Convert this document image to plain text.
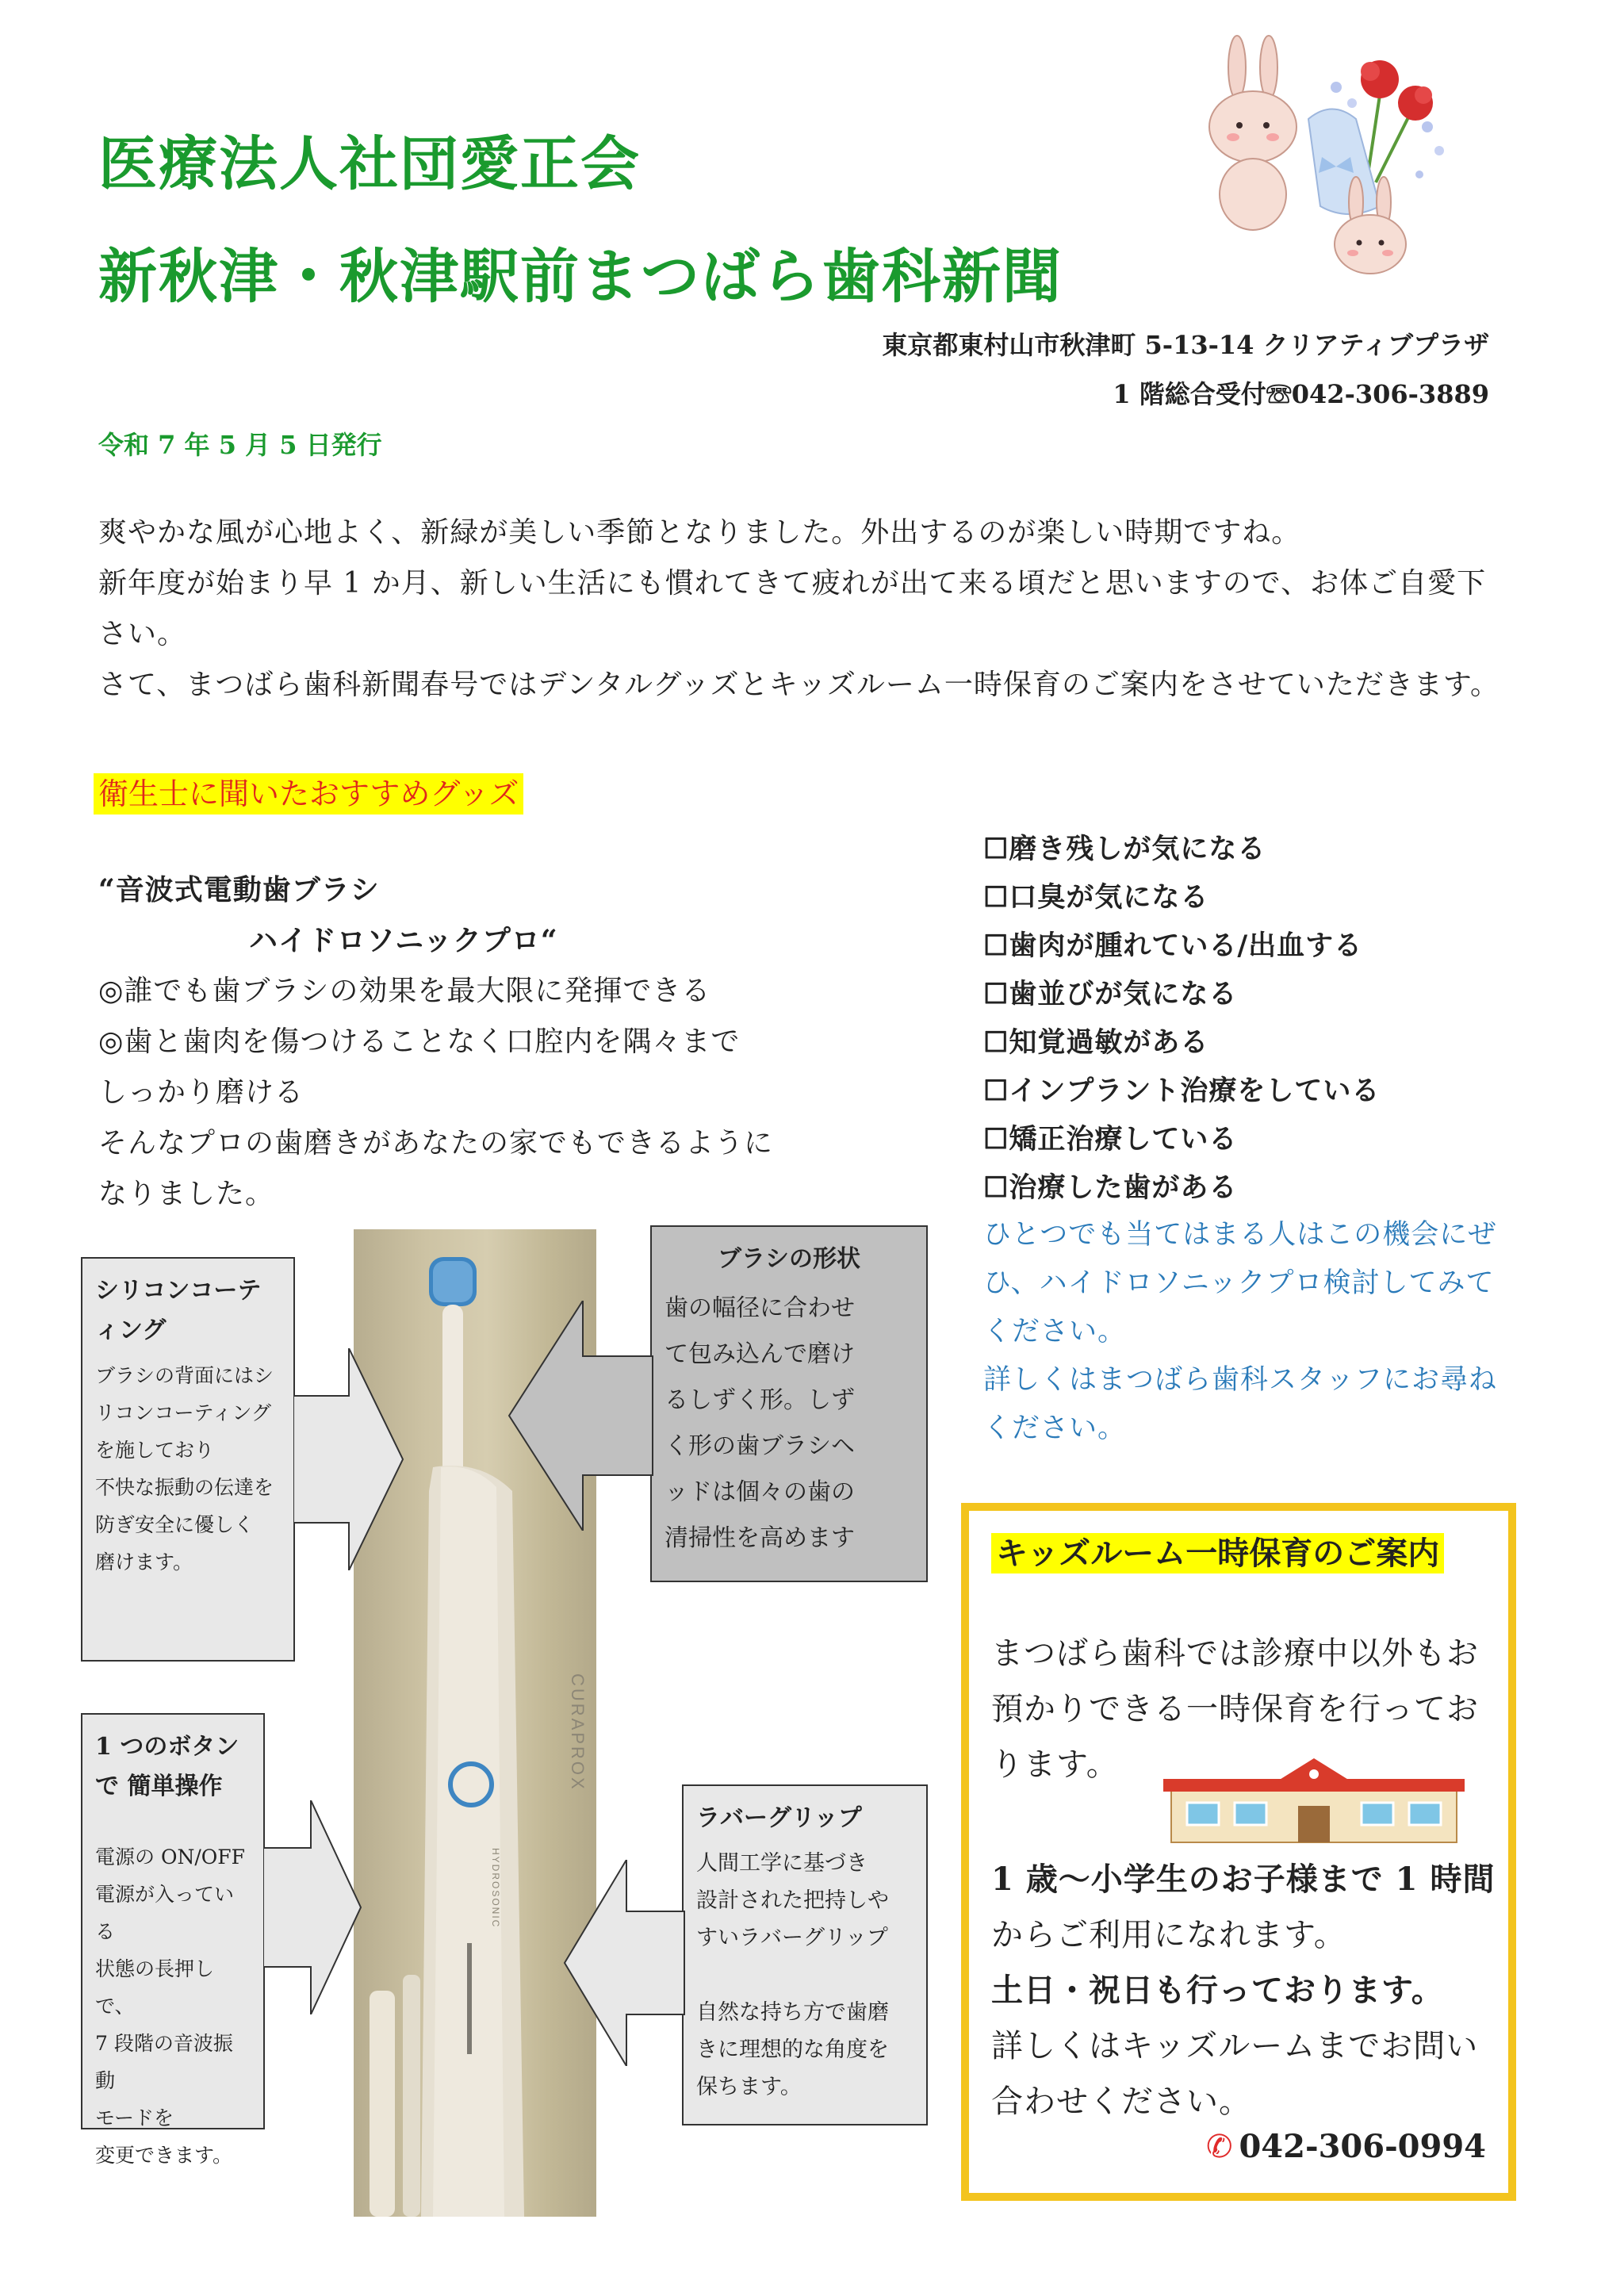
医療法人社団愛正会
新秋津・秋津駅前まつばら歯科新聞
東京都東村山市秋津町 5-13-14 クリアティブプラザ
1 階総合受付☏042-306-3889
令和 7 年 5 月 5 日発行

爽やかな風が心地よく、新緑が美しい季節となりました。外出するのが楽しい時期ですね。

新年度が始まり早 1 か月、新しい生活にも慣れてきて疲れが出て来る頃だと思いますので、お体ご自愛下

さい。

さて、まつばら歯科新聞春号ではデンタルグッズとキッズルーム一時保育のご案内をさせていただきます。

衛生士に聞いたおすすめグッズ

“音波式電動歯ブラシ

ハイドロソニックプロ“

◎誰でも歯ブラシの効果を最大限に発揮できる

◎歯と歯肉を傷つけることなく口腔内を隅々まで

しっかり磨ける

そんなプロの歯磨きがあなたの家でもできるように

なりました。

☐磨き残しが気になる

☐口臭が気になる

☐歯肉が腫れている/出血する

☐歯並びが気になる

☐知覚過敏がある

☐インプラント治療をしている

☐矯正治療している

☐治療した歯がある

ひとつでも当てはまる人はこの機会にぜ

ひ、ハイドロソニックプロ検討してみて

ください。

詳しくはまつばら歯科スタッフにお尋ね

ください。

CURAPROX
HYDROSONIC
シリコンコーティング

ブラシの背面にはシ

リコンコーティング

を施しており

不快な振動の伝達を

防ぎ安全に優しく

磨けます。

ブラシの形状

歯の幅径に合わせ

て包み込んで磨け

るしずく形。しず

く形の歯ブラシヘ

ッドは個々の歯の

清掃性を高めます

1 つのボタンで 簡単操作

電源の ON/OFF

電源が入っている

状態の長押しで、

7 段階の音波振動

モードを

変更できます。

ラバーグリップ

人間工学に基づき

設計された把持しや

すいラバーグリップ

自然な持ち方で歯磨

きに理想的な角度を

保ちます。

キッズルーム一時保育のご案内

まつばら歯科では診療中以外もお

預かりできる一時保育を行ってお

ります。

1 歳〜小学生のお子様まで 1 時間

からご利用になれます。

土日・祝日も行っております。

詳しくはキッズルームまでお問い

合わせください。

✆ 042-306-0994
